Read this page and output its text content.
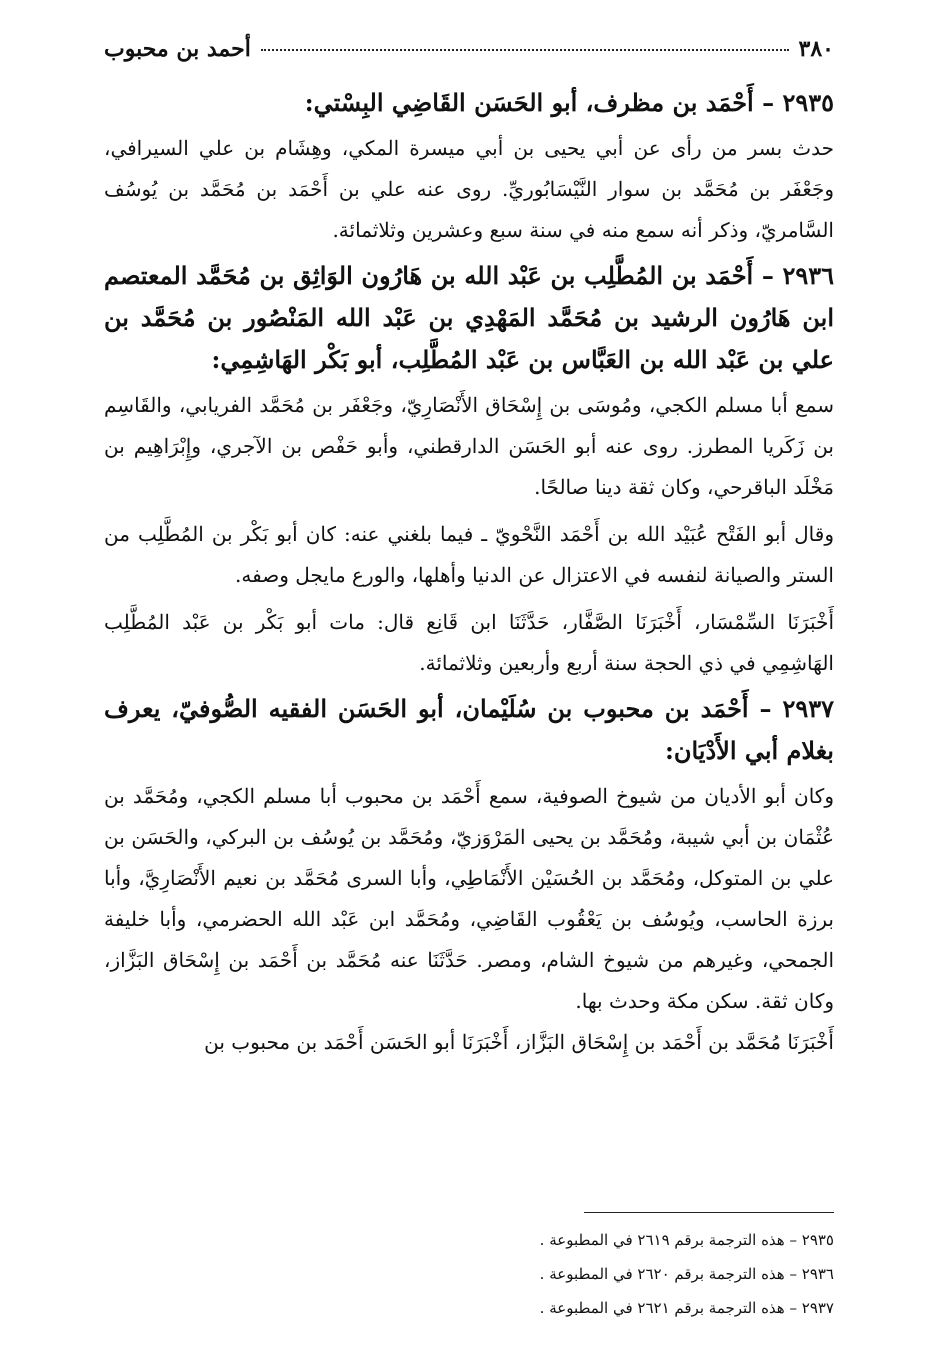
٣٨٠
أحمد بن محبوب
٢٩٣٥ – أَحْمَد بن مظرف، أبو الحَسَن القَاضِي البِسْتي:

حدث بسر من رأى عن أبي يحيى بن أبي ميسرة المكي، وهِشَام بن علي السيرافي، وجَعْفَر بن مُحَمَّد بن سوار النَّيْسَابُوريِّ. روى عنه علي بن أَحْمَد بن مُحَمَّد بن يُوسُف السَّامريّ، وذكر أنه سمع منه في سنة سبع وعشرين وثلاثمائة.

٢٩٣٦ – أَحْمَد بن المُطَّلِب بن عَبْد الله بن هَارُون الوَاثِق بن مُحَمَّد المعتصم ابن هَارُون الرشيد بن مُحَمَّد المَهْدِي بن عَبْد الله المَنْصُور بن مُحَمَّد بن علي بن عَبْد الله بن العَبَّاس بن عَبْد المُطَّلِب، أبو بَكْر الهَاشِمِي:

سمع أبا مسلم الكجي، ومُوسَى بن إِسْحَاق الأَنْصَارِيّ، وجَعْفَر بن مُحَمَّد الفريابي، والقَاسِم بن زَكَريا المطرز. روى عنه أبو الحَسَن الدارقطني، وأبو حَفْص بن الآجري، وإِبْرَاهِيم بن مَخْلَد الباقرحي، وكان ثقة دينا صالحًا.

وقال أبو الفَتْح عُبَيْد الله بن أَحْمَد النَّحْويّ ـ فيما بلغني عنه: كان أبو بَكْر بن المُطَّلِب من الستر والصيانة لنفسه في الاعتزال عن الدنيا وأهلها، والورع مايجل وصفه.

أَخْبَرَنَا السِّمْسَار، أَخْبَرَنَا الصَّفَّار، حَدَّثَنَا ابن قَانِع قال: مات أبو بَكْر بن عَبْد المُطَّلِب الهَاشِمِي في ذي الحجة سنة أربع وأربعين وثلاثمائة.

٢٩٣٧ – أَحْمَد بن محبوب بن سُلَيْمان، أبو الحَسَن الفقيه الصُّوفيّ، يعرف بغلام أبي الأَدْيَان:

وكان أبو الأديان من شيوخ الصوفية، سمع أَحْمَد بن محبوب أبا مسلم الكجي، ومُحَمَّد بن عُثْمَان بن أبي شيبة، ومُحَمَّد بن يحيى المَرْوَزيّ، ومُحَمَّد بن يُوسُف بن البركي، والحَسَن بن علي بن المتوكل، ومُحَمَّد بن الحُسَيْن الأَنْمَاطِي، وأبا السرى مُحَمَّد بن نعيم الأَنْصَارِيَّ، وأبا برزة الحاسب، ويُوسُف بن يَعْقُوب القَاضِي، ومُحَمَّد ابن عَبْد الله الحضرمي، وأبا خليفة الجمحي، وغيرهم من شيوخ الشام، ومصر. حَدَّثَنَا عنه مُحَمَّد بن أَحْمَد بن إِسْحَاق البَزَّاز، وكان ثقة. سكن مكة وحدث بها.

أَخْبَرَنَا مُحَمَّد بن أَحْمَد بن إِسْحَاق البَزَّاز، أَخْبَرَنَا أبو الحَسَن أَحْمَد بن محبوب بن

٢٩٣٥ – هذه الترجمة برقم ٢٦١٩ في المطبوعة .

٢٩٣٦ – هذه الترجمة برقم ٢٦٢٠ في المطبوعة .

٢٩٣٧ – هذه الترجمة برقم ٢٦٢١ في المطبوعة .
